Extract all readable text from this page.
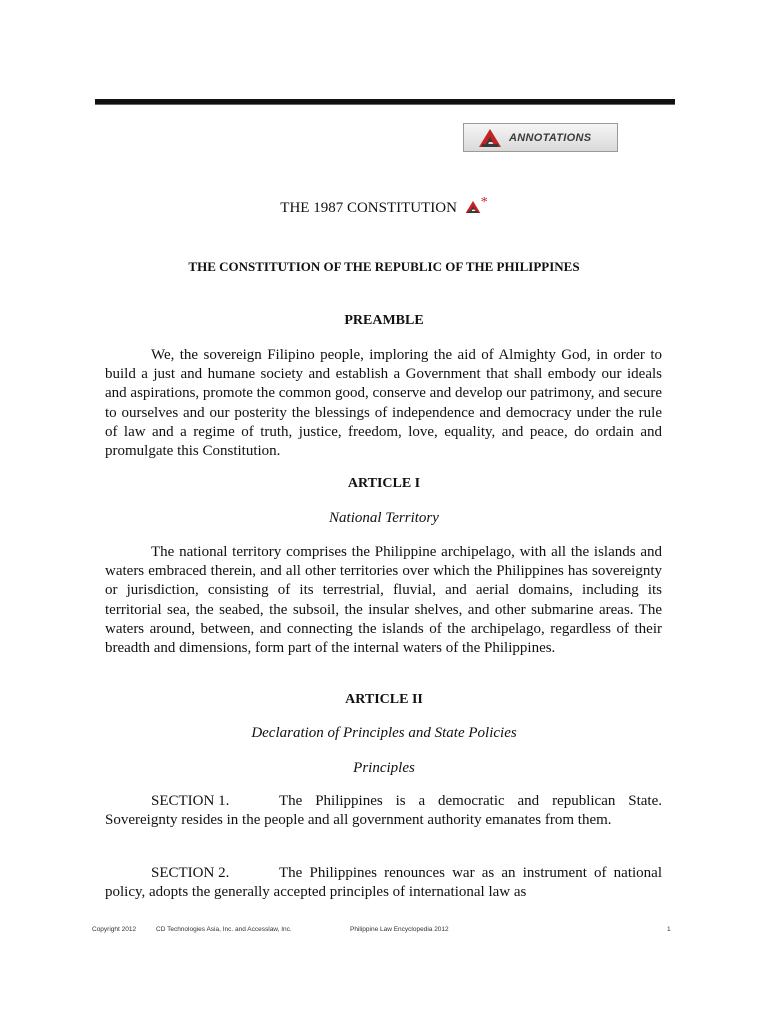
ANNOTATIONS
THE 1987 CONSTITUTION *
THE CONSTITUTION OF THE REPUBLIC OF THE PHILIPPINES
PREAMBLE

We, the sovereign Filipino people, imploring the aid of Almighty God, in order to build a just and humane society and establish a Government that shall embody our ideals and aspirations, promote the common good, conserve and develop our patrimony, and secure to ourselves and our posterity the blessings of independence and democracy under the rule of law and a regime of truth, justice, freedom, love, equality, and peace, do ordain and promulgate this Constitution.

ARTICLE I
National Territory

The national territory comprises the Philippine archipelago, with all the islands and waters embraced therein, and all other territories over which the Philippines has sovereignty or jurisdiction, consisting of its terrestrial, fluvial, and aerial domains, including its territorial sea, the seabed, the subsoil, the insular shelves, and other submarine areas. The waters around, between, and connecting the islands of the archipelago, regardless of their breadth and dimensions, form part of the internal waters of the Philippines.

ARTICLE II
Declaration of Principles and State Policies
Principles

SECTION 1.	The Philippines is a democratic and republican State. Sovereignty resides in the people and all government authority emanates from them.

SECTION 2.	The Philippines renounces war as an instrument of national policy, adopts the generally accepted principles of international law as

Copyright 2012	CD Technologies Asia, Inc. and Accesslaw, Inc.	Philippine Law Encyclopedia 2012	1
